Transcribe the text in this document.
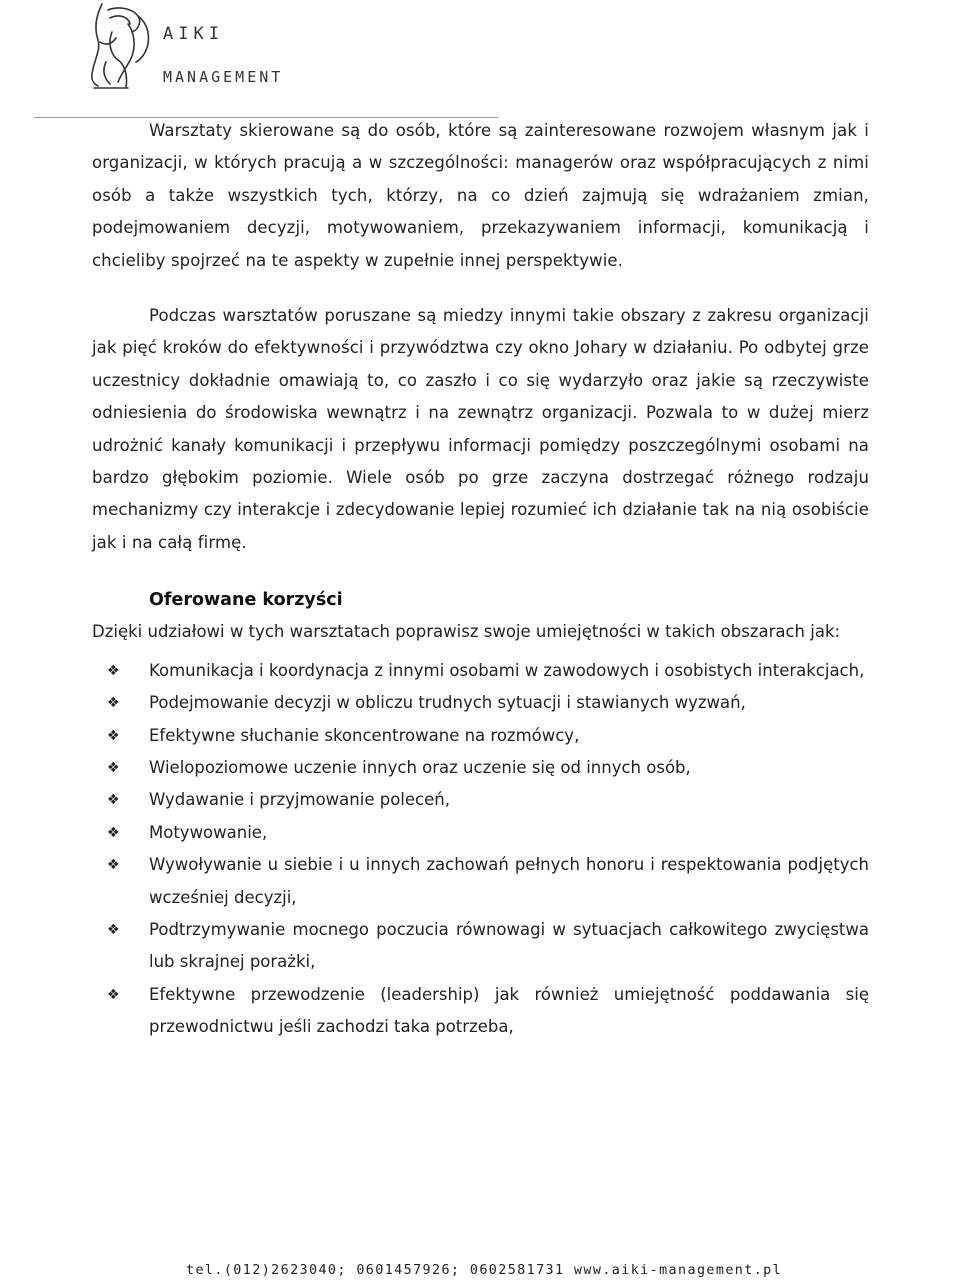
AIKI
MANAGEMENT

Warsztaty skierowane są do osób, które są zainteresowane rozwojem własnym jak i organizacji, w których pracują a w szczególności: managerów oraz współpracujących z nimi osób a także wszystkich tych, którzy, na co dzień zajmują się wdrażaniem zmian, podejmowaniem decyzji, motywowaniem, przekazywaniem informacji, komunikacją i chcieliby spojrzeć na te aspekty w zupełnie innej perspektywie.

Podczas warsztatów poruszane są miedzy innymi takie obszary z zakresu organizacji jak pięć kroków do efektywności i przywództwa czy okno Johary w działaniu. Po odbytej grze uczestnicy dokładnie omawiają to, co zaszło i co się wydarzyło oraz jakie są rzeczywiste odniesienia do środowiska wewnątrz i na zewnątrz organizacji. Pozwala to w dużej mierz udrożnić kanały komunikacji i przepływu informacji pomiędzy poszczególnymi osobami na bardzo głębokim poziomie. Wiele osób po grze zaczyna dostrzegać różnego rodzaju mechanizmy czy interakcje i zdecydowanie lepiej rozumieć ich działanie tak na nią osobiście jak i na całą firmę.

Oferowane korzyści

Dzięki udziałowi w tych warsztatach poprawisz swoje umiejętności w takich obszarach jak:

❖	Komunikacja i koordynacja z innymi osobami w zawodowych i osobistych interakcjach,
❖	Podejmowanie decyzji w obliczu trudnych sytuacji i stawianych wyzwań,
❖	Efektywne słuchanie skoncentrowane na rozmówcy,
❖	Wielopoziomowe uczenie innych oraz uczenie się od innych osób,
❖	Wydawanie i przyjmowanie poleceń,
❖	Motywowanie,
❖	Wywoływanie u siebie i u innych zachowań pełnych honoru i respektowania podjętych wcześniej decyzji,
❖	Podtrzymywanie mocnego poczucia równowagi w sytuacjach całkowitego zwycięstwa lub skrajnej porażki,
❖	Efektywne przewodzenie (leadership) jak również umiejętność poddawania się przewodnictwu jeśli zachodzi taka potrzeba,
tel.(012)2623040; 0601457926; 0602581731 www.aiki-management.pl
